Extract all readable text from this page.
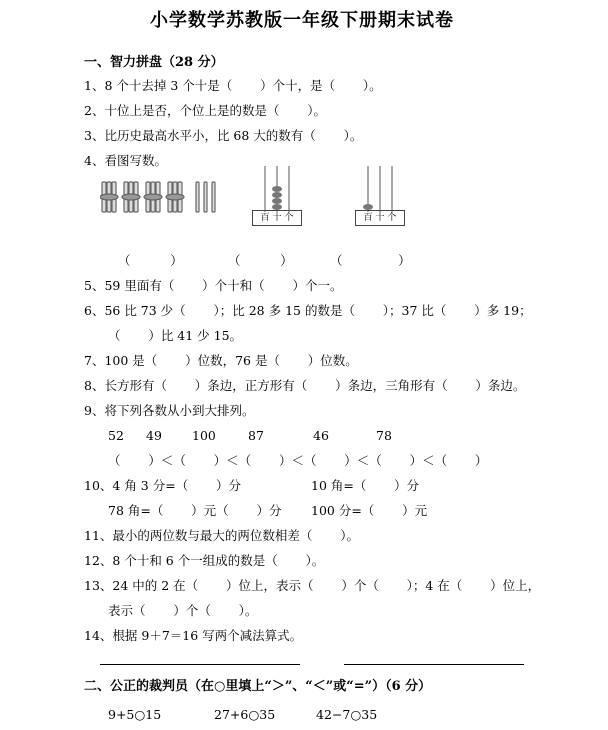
小学数学苏教版一年级下册期末试卷
一、智力拼盘（28 分）
1、8 个十去掉 3 个十是（       ）个十，是（       ）。
2、十位上是否，个位上是的数是（       ）。
3、比历史最高水平小，比 68 大的数有（       ）。
4、看图写数。
百 十 个	百 十 个
（          ）	（          ）	（              ）
5、59 里面有（       ）个十和（       ）个一。
6、56 比 73 少（       ）；比 28 多 15 的数是（       ）；37 比（       ）多 19；
（       ）比 41 少 15。
7、100 是（       ）位数，76 是（       ）位数。
8、长方形有（       ）条边，正方形有（       ）条边，三角形有（       ）条边。
9、将下列各数从小到大排列。
52 49 100	87	46	78
（       ）＜（       ）＜（       ）＜（       ）＜（       ）＜（       ）
10、4 角 3 分=（       ）分	10 角=（       ）分
78 角=（       ）元（       ）分 100 分=（       ）元
11、最小的两位数与最大的两位数相差（       ）。
12、8 个十和 6 个一组成的数是（       ）。
13、24 中的 2 在（       ）位上，表示（       ）个（       ）；4 在（       ）位上，
表示（       ）个（       ）。
14、根据 9＋7＝16 写两个减法算式。
二、公正的裁判员（在○里填上“＞”、“＜”或“=”）（6 分）
9+5○15	27+6○35	42−7○35
